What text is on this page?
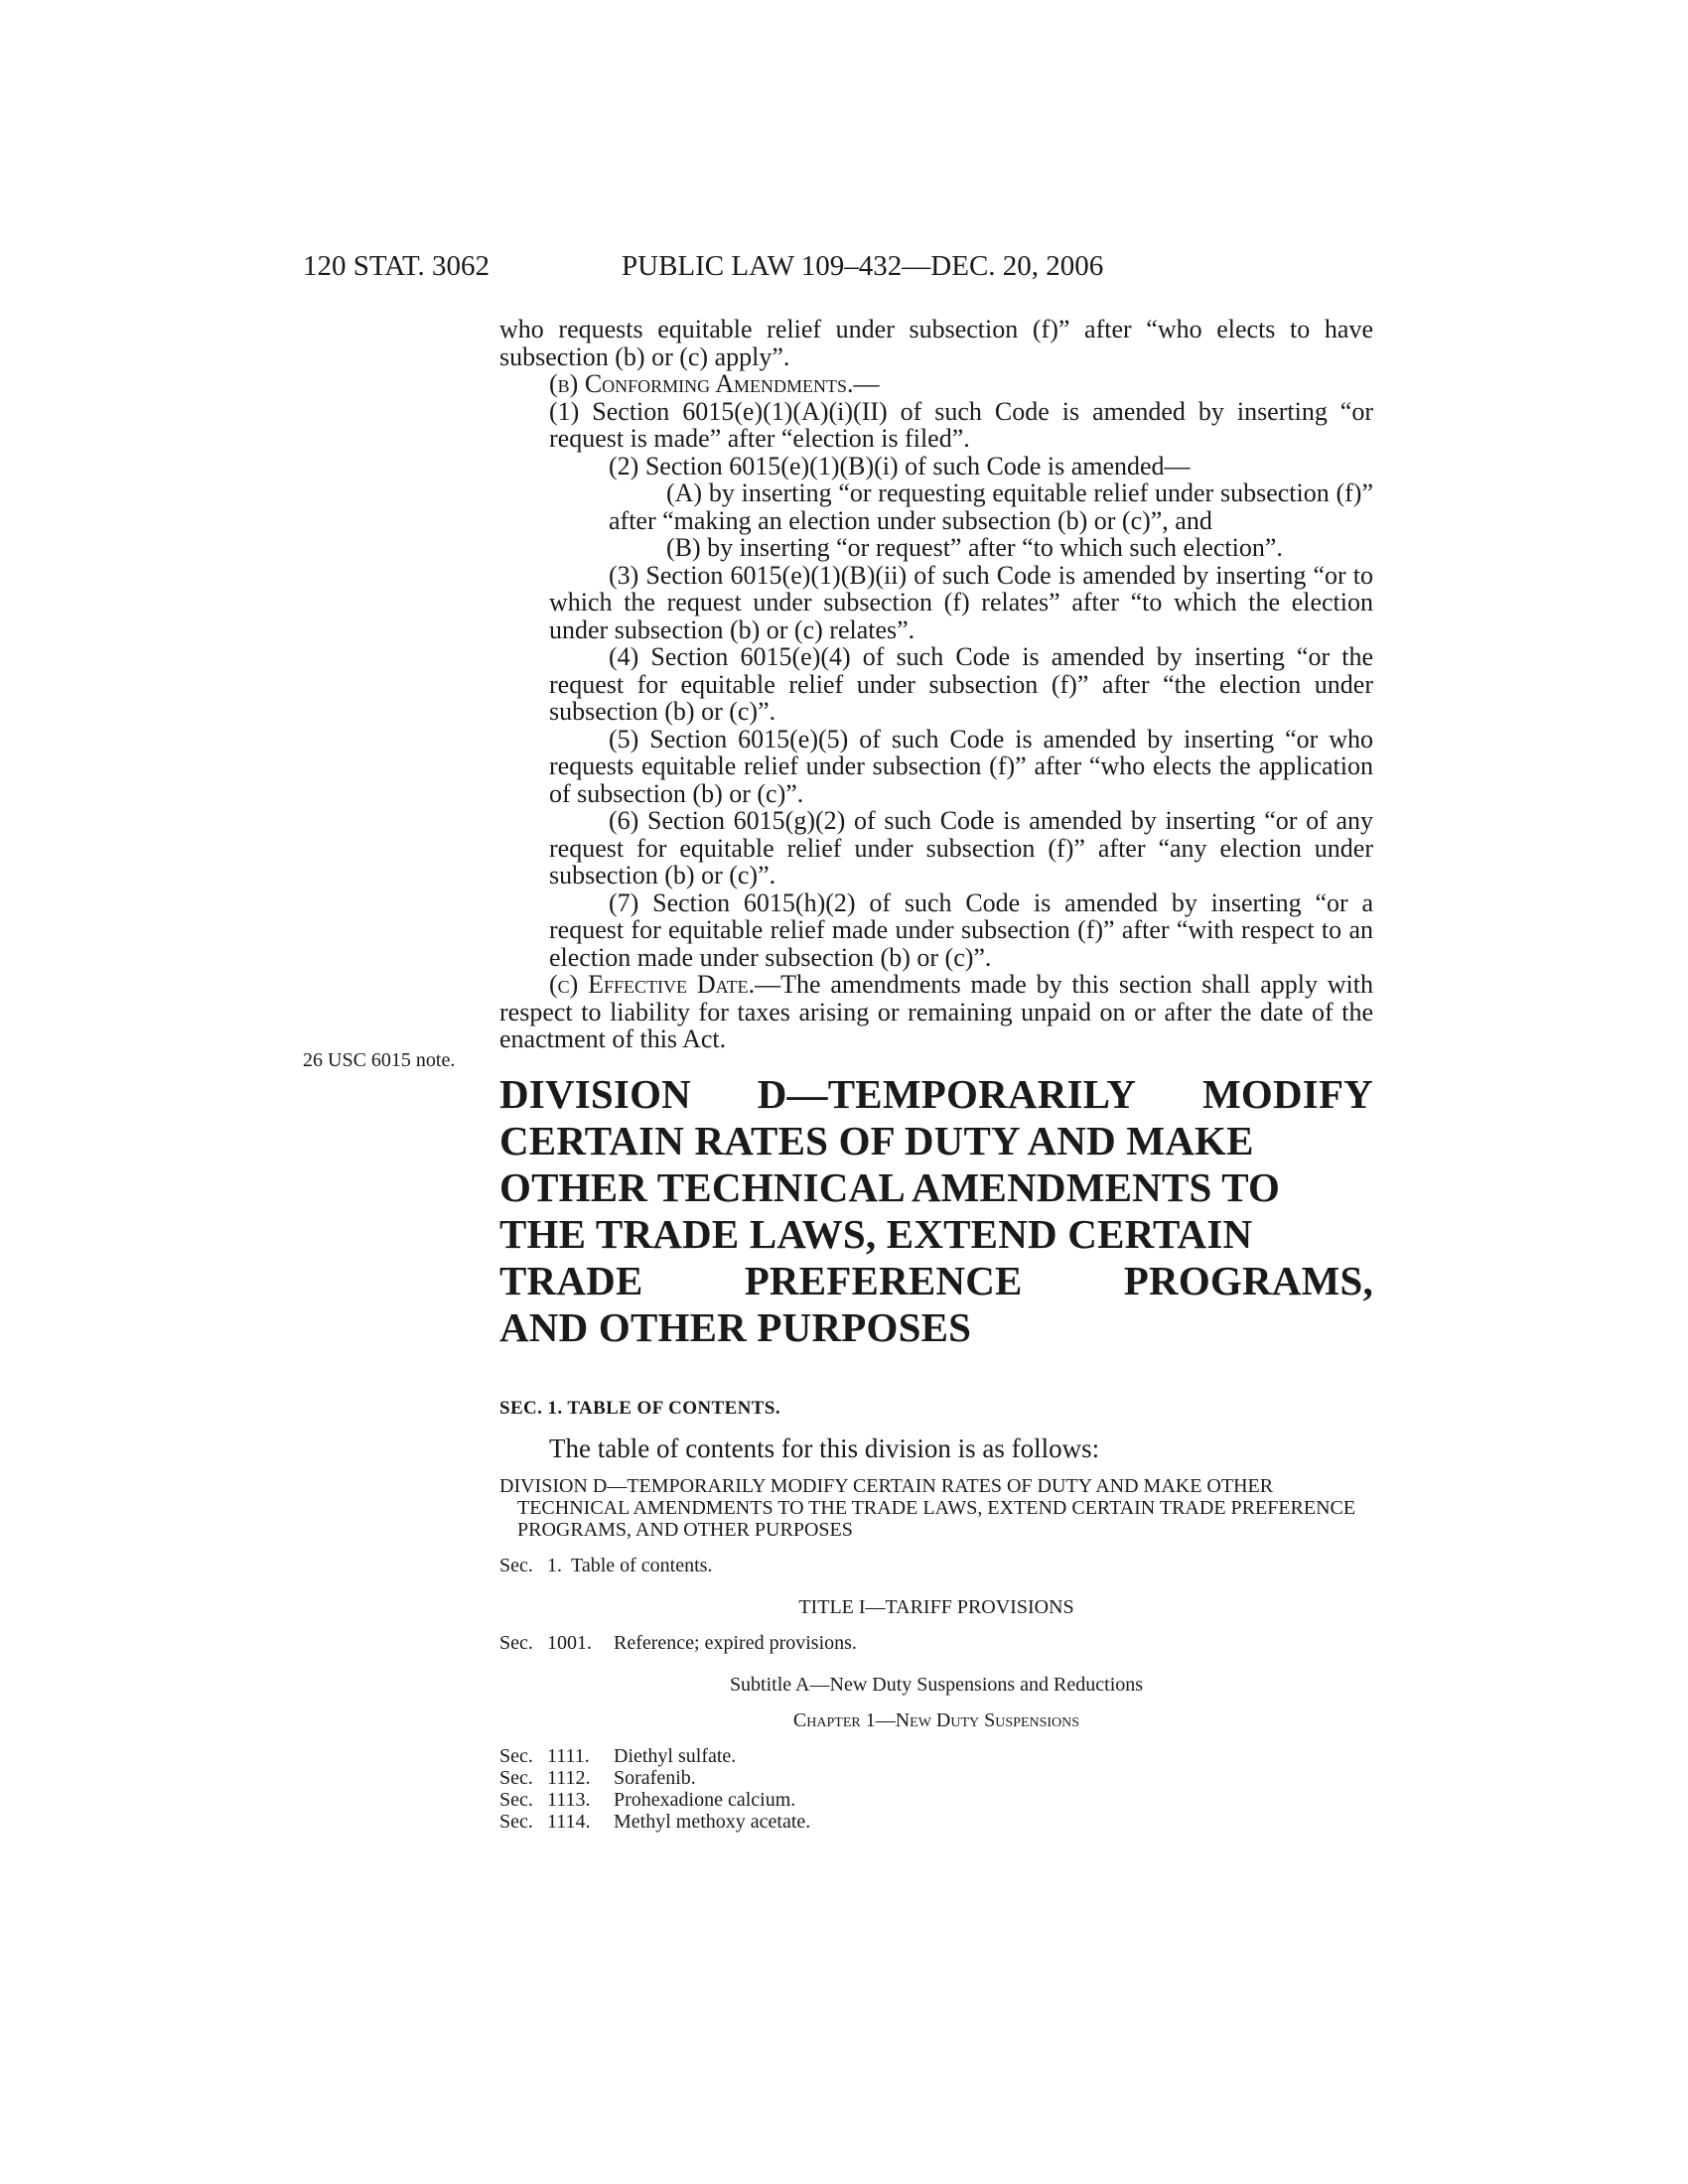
120 STAT. 3062	PUBLIC LAW 109–432—DEC. 20, 2006
26 USC 6015 note.

who requests equitable relief under subsection (f)” after “who elects to have subsection (b) or (c) apply”.

(b) Conforming Amendments.—

(1) Section 6015(e)(1)(A)(i)(II) of such Code is amended by inserting “or request is made” after “election is filed”.

(2) Section 6015(e)(1)(B)(i) of such Code is amended—

(A) by inserting “or requesting equitable relief under subsection (f)” after “making an election under subsection (b) or (c)”, and

(B) by inserting “or request” after “to which such election”.

(3) Section 6015(e)(1)(B)(ii) of such Code is amended by inserting “or to which the request under subsection (f) relates” after “to which the election under subsection (b) or (c) relates”.

(4) Section 6015(e)(4) of such Code is amended by inserting “or the request for equitable relief under subsection (f)” after “the election under subsection (b) or (c)”.

(5) Section 6015(e)(5) of such Code is amended by inserting “or who requests equitable relief under subsection (f)” after “who elects the application of subsection (b) or (c)”.

(6) Section 6015(g)(2) of such Code is amended by inserting “or of any request for equitable relief under subsection (f)” after “any election under subsection (b) or (c)”.

(7) Section 6015(h)(2) of such Code is amended by inserting “or a request for equitable relief made under subsection (f)” after “with respect to an election made under subsection (b) or (c)”.

(c) Effective Date.—The amendments made by this section shall apply with respect to liability for taxes arising or remaining unpaid on or after the date of the enactment of this Act.

DIVISION D—TEMPORARILY MODIFY
CERTAIN RATES OF DUTY AND MAKE
OTHER TECHNICAL AMENDMENTS TO
THE TRADE LAWS, EXTEND CERTAIN
TRADE PREFERENCE PROGRAMS,
AND OTHER PURPOSES
SEC. 1. TABLE OF CONTENTS.
The table of contents for this division is as follows:
DIVISION D—TEMPORARILY MODIFY CERTAIN RATES OF DUTY AND MAKE OTHER TECHNICAL AMENDMENTS TO THE TRADE LAWS, EXTEND CERTAIN TRADE PREFERENCE PROGRAMS, AND OTHER PURPOSES
Sec. 1. Table of contents.
TITLE I—TARIFF PROVISIONS
Sec. 1001.	Reference; expired provisions.
Subtitle A—New Duty Suspensions and Reductions
Chapter 1—New Duty Suspensions
Sec. 1111.	Diethyl sulfate.
Sec. 1112.	Sorafenib.
Sec. 1113.	Prohexadione calcium.
Sec. 1114.	Methyl methoxy acetate.
